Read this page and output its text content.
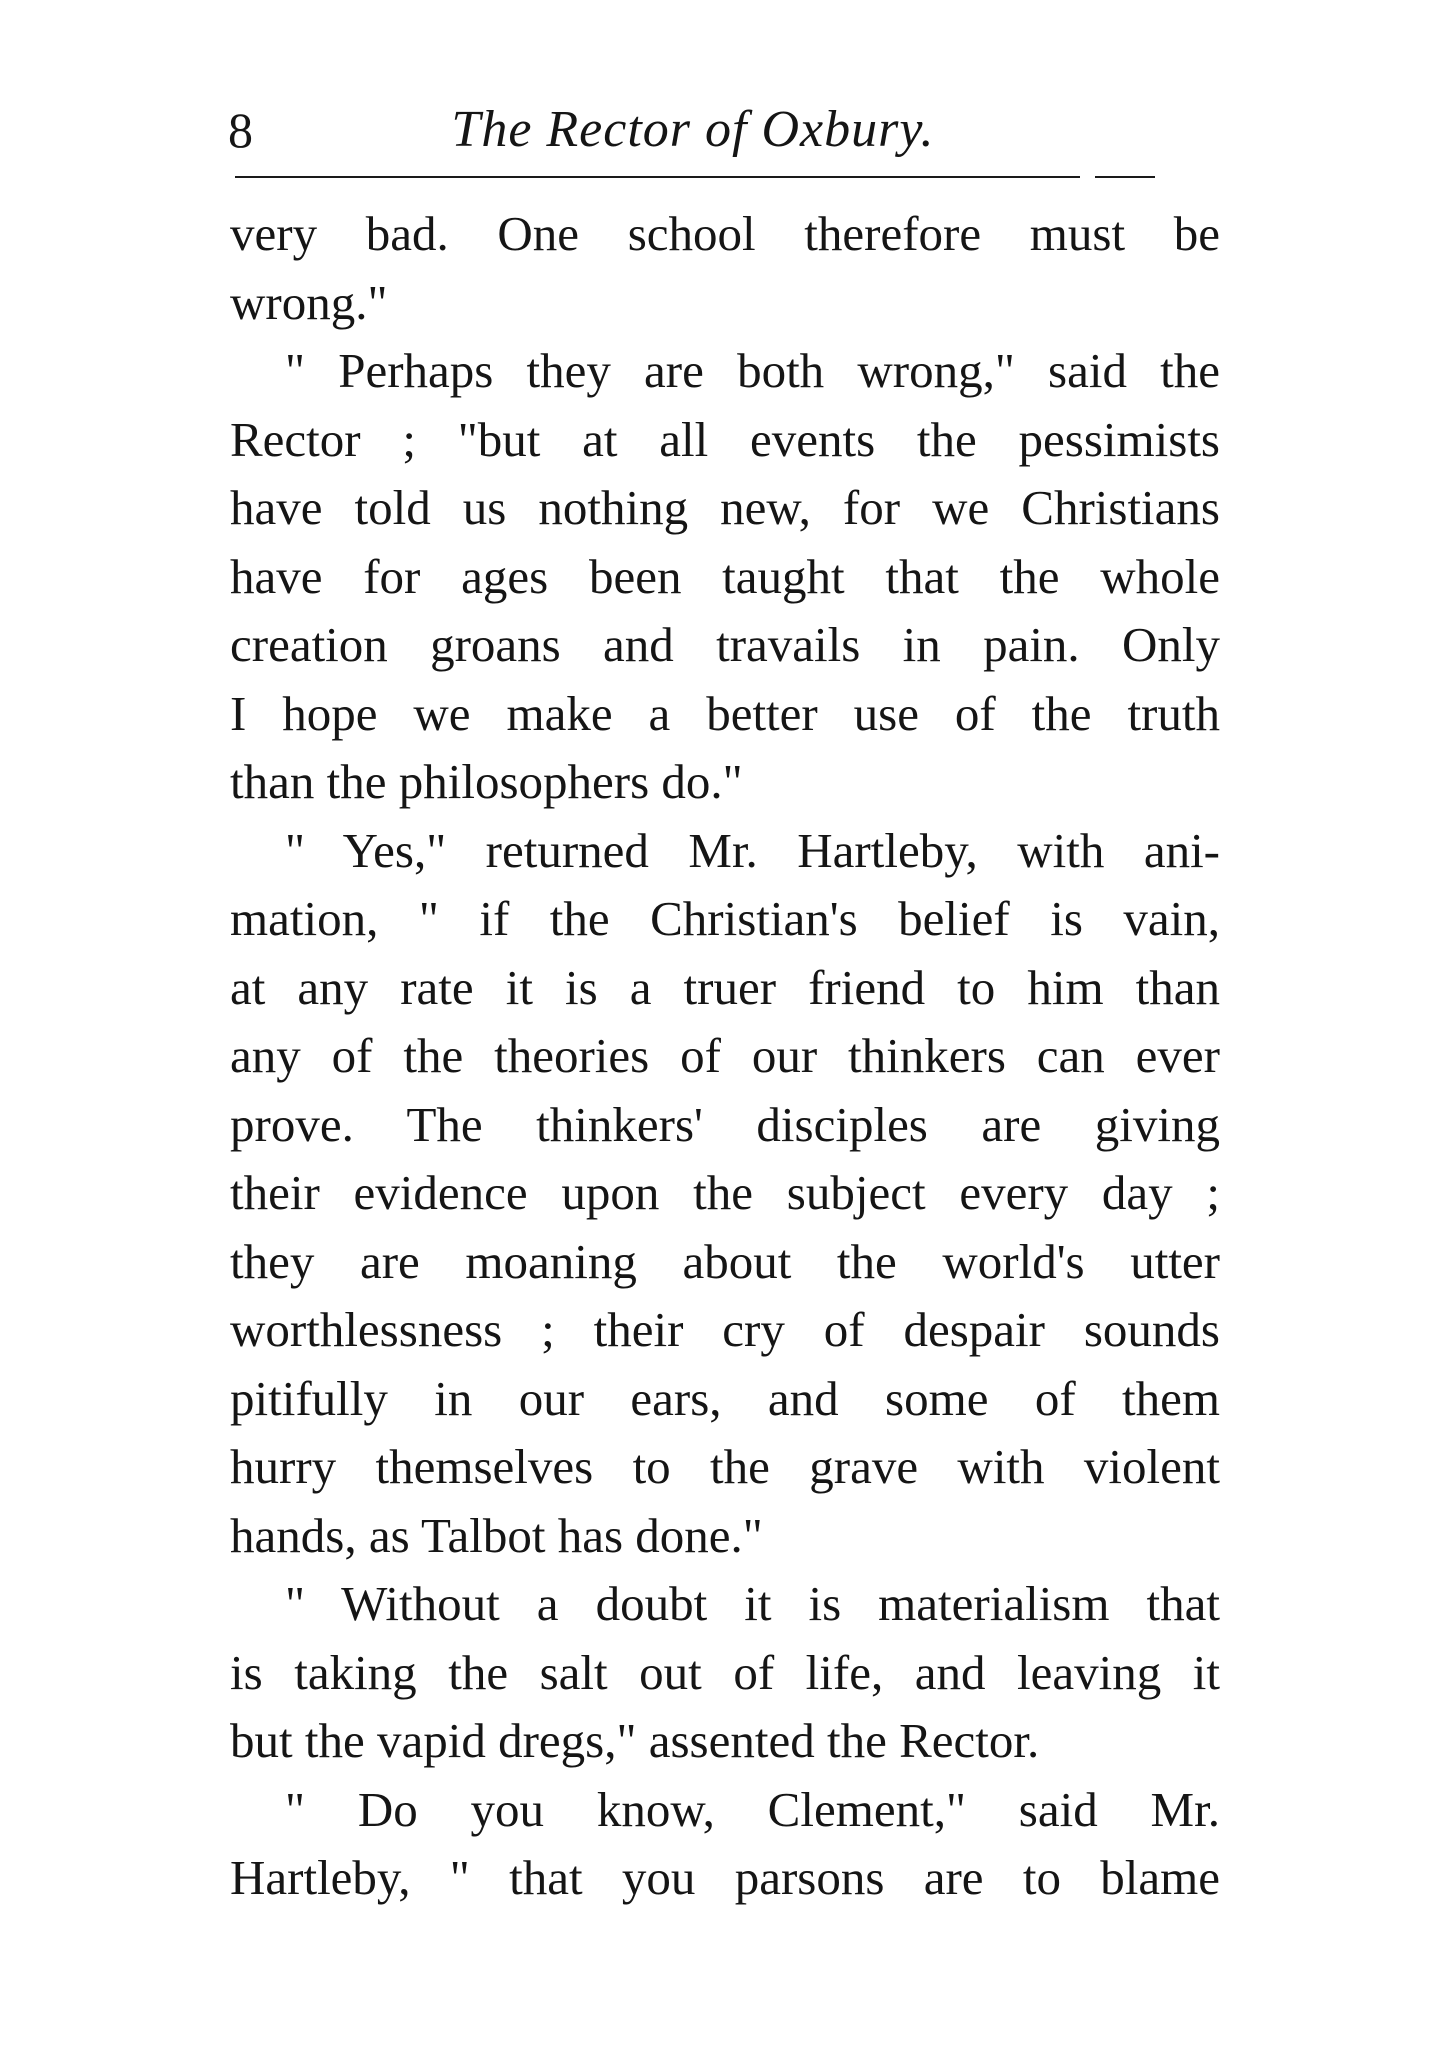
8	The Rector of Oxbury.
very bad. One school therefore must be
wrong."
" Perhaps they are both wrong," said the
Rector ; "but at all events the pessimists
have told us nothing new, for we Christians
have for ages been taught that the whole
creation groans and travails in pain. Only
I hope we make a better use of the truth
than the philosophers do."
" Yes," returned Mr. Hartleby, with ani-
mation, " if the Christian's belief is vain,
at any rate it is a truer friend to him than
any of the theories of our thinkers can ever
prove. The thinkers' disciples are giving
their evidence upon the subject every day ;
they are moaning about the world's utter
worthlessness ; their cry of despair sounds
pitifully in our ears, and some of them
hurry themselves to the grave with violent
hands, as Talbot has done."
" Without a doubt it is materialism that
is taking the salt out of life, and leaving it
but the vapid dregs," assented the Rector.
" Do you know, Clement," said Mr.
Hartleby, " that you parsons are to blame
